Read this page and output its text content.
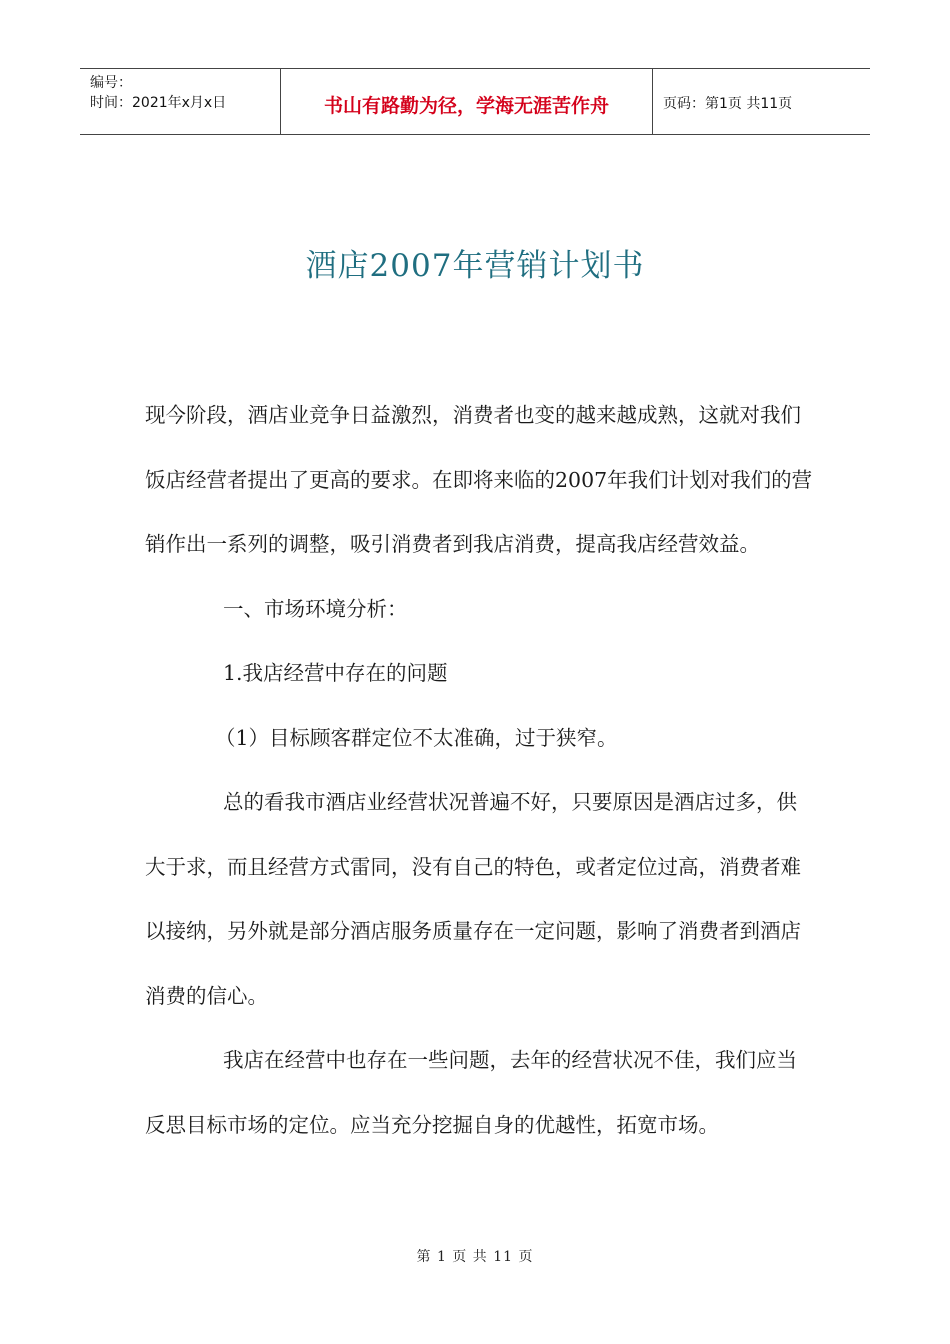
编号：
时间：2021年x月x日	书山有路勤为径，学海无涯苦作舟	页码：第1页 共11页
酒店2007年营销计划书

现今阶段，酒店业竞争日益激烈，消费者也变的越来越成熟，这就对我们饭店经营者提出了更高的要求。在即将来临的2007年我们计划对我们的营销作出一系列的调整，吸引消费者到我店消费，提高我店经营效益。

一、市场环境分析：

1.我店经营中存在的问题

（1）目标顾客群定位不太准确，过于狭窄。

总的看我市酒店业经营状况普遍不好，只要原因是酒店过多，供大于求，而且经营方式雷同，没有自己的特色，或者定位过高，消费者难以接纳，另外就是部分酒店服务质量存在一定问题，影响了消费者到酒店消费的信心。

我店在经营中也存在一些问题，去年的经营状况不佳，我们应当反思目标市场的定位。应当充分挖掘自身的优越性，拓宽市场。

第 1 页 共 11 页
